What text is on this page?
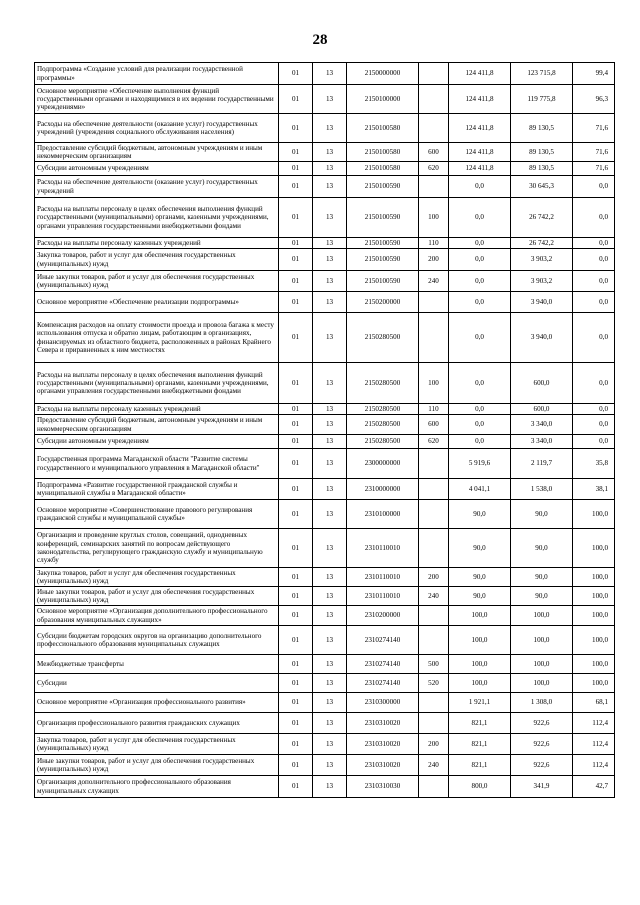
28
Подпрограмма «Создание условий для реализации государственной программы»	01	13	2150000000		124 411,8	123 715,8	99,4
Основное мероприятие «Обеспечение выполнения функций государственными органами и находящимися в их ведении государственными учреждениями»	01	13	2150100000		124 411,8	119 775,8	96,3
Расходы на обеспечение деятельности (оказание услуг) государственных учреждений (учреждения социального обслуживания населения)	01	13	2150100580		124 411,8	89 130,5	71,6
Предоставление субсидий бюджетным, автономным учреждениям и иным некоммерческим организациям	01	13	2150100580	600	124 411,8	89 130,5	71,6
Субсидии автономным учреждениям	01	13	2150100580	620	124 411,8	89 130,5	71,6
Расходы на обеспечение деятельности (оказание услуг) государственных учреждений	01	13	2150100590		0,0	30 645,3	0,0
Расходы на выплаты персоналу в целях обеспечения выполнения функций государственными (муниципальными) органами, казенными учреждениями, органами управления государственными внебюджетными фондами	01	13	2150100590	100	0,0	26 742,2	0,0
Расходы на выплаты персоналу казенных учреждений	01	13	2150100590	110	0,0	26 742,2	0,0
Закупка товаров, работ и услуг для обеспечения государственных (муниципальных) нужд	01	13	2150100590	200	0,0	3 903,2	0,0
Иные закупки товаров, работ и услуг для обеспечения государственных (муниципальных) нужд	01	13	2150100590	240	0,0	3 903,2	0,0
Основное мероприятие «Обеспечение реализации подпрограммы»	01	13	2150200000		0,0	3 940,0	0,0
Компенсация расходов на оплату стоимости проезда и провоза багажа к месту использования отпуска и обратно лицам, работающим в организациях, финансируемых из областного бюджета, расположенных в районах Крайнего Севера и приравненных к ним местностях	01	13	2150280500		0,0	3 940,0	0,0
Расходы на выплаты персоналу в целях обеспечения выполнения функций государственными (муниципальными) органами, казенными учреждениями, органами управления государственными внебюджетными фондами	01	13	2150280500	100	0,0	600,0	0,0
Расходы на выплаты персоналу казенных учреждений	01	13	2150280500	110	0,0	600,0	0,0
Предоставление субсидий бюджетным, автономным учреждениям и иным некоммерческим организациям	01	13	2150280500	600	0,0	3 340,0	0,0
Субсидии автономным учреждениям	01	13	2150280500	620	0,0	3 340,0	0,0
Государственная программа Магаданской области "Развитие системы государственного и муниципального управления в Магаданской области"	01	13	2300000000		5 919,6	2 119,7	35,8
Подпрограмма «Развитие государственной гражданской службы и муниципальной службы в Магаданской области»	01	13	2310000000		4 041,1	1 538,0	38,1
Основное мероприятие «Совершенствование правового регулирования гражданской службы и муниципальной службы»	01	13	2310100000		90,0	90,0	100,0
Организация и проведение круглых столов, совещаний, однодневных конференций, семинарских занятий по вопросам действующего законодательства, регулирующего гражданскую службу и муниципальную службу	01	13	2310110010		90,0	90,0	100,0
Закупка товаров, работ и услуг для обеспечения государственных (муниципальных) нужд	01	13	2310110010	200	90,0	90,0	100,0
Иные закупки товаров, работ и услуг для обеспечения государственных (муниципальных) нужд	01	13	2310110010	240	90,0	90,0	100,0
Основное мероприятие «Организация дополнительного профессионального образования муниципальных служащих»	01	13	2310200000		100,0	100,0	100,0
Субсидии бюджетам городских округов на организацию дополнительного профессионального образования муниципальных служащих	01	13	2310274140		100,0	100,0	100,0
Межбюджетные трансферты	01	13	2310274140	500	100,0	100,0	100,0
Субсидии	01	13	2310274140	520	100,0	100,0	100,0
Основное мероприятие «Организация профессионального развития»	01	13	2310300000		1 921,1	1 308,0	68,1
Организация профессионального развития гражданских служащих	01	13	2310310020		821,1	922,6	112,4
Закупка товаров, работ и услуг для обеспечения государственных (муниципальных) нужд	01	13	2310310020	200	821,1	922,6	112,4
Иные закупки товаров, работ и услуг для обеспечения государственных (муниципальных) нужд	01	13	2310310020	240	821,1	922,6	112,4
Организация дополнительного профессионального образования муниципальных служащих	01	13	2310310030		800,0	341,9	42,7
